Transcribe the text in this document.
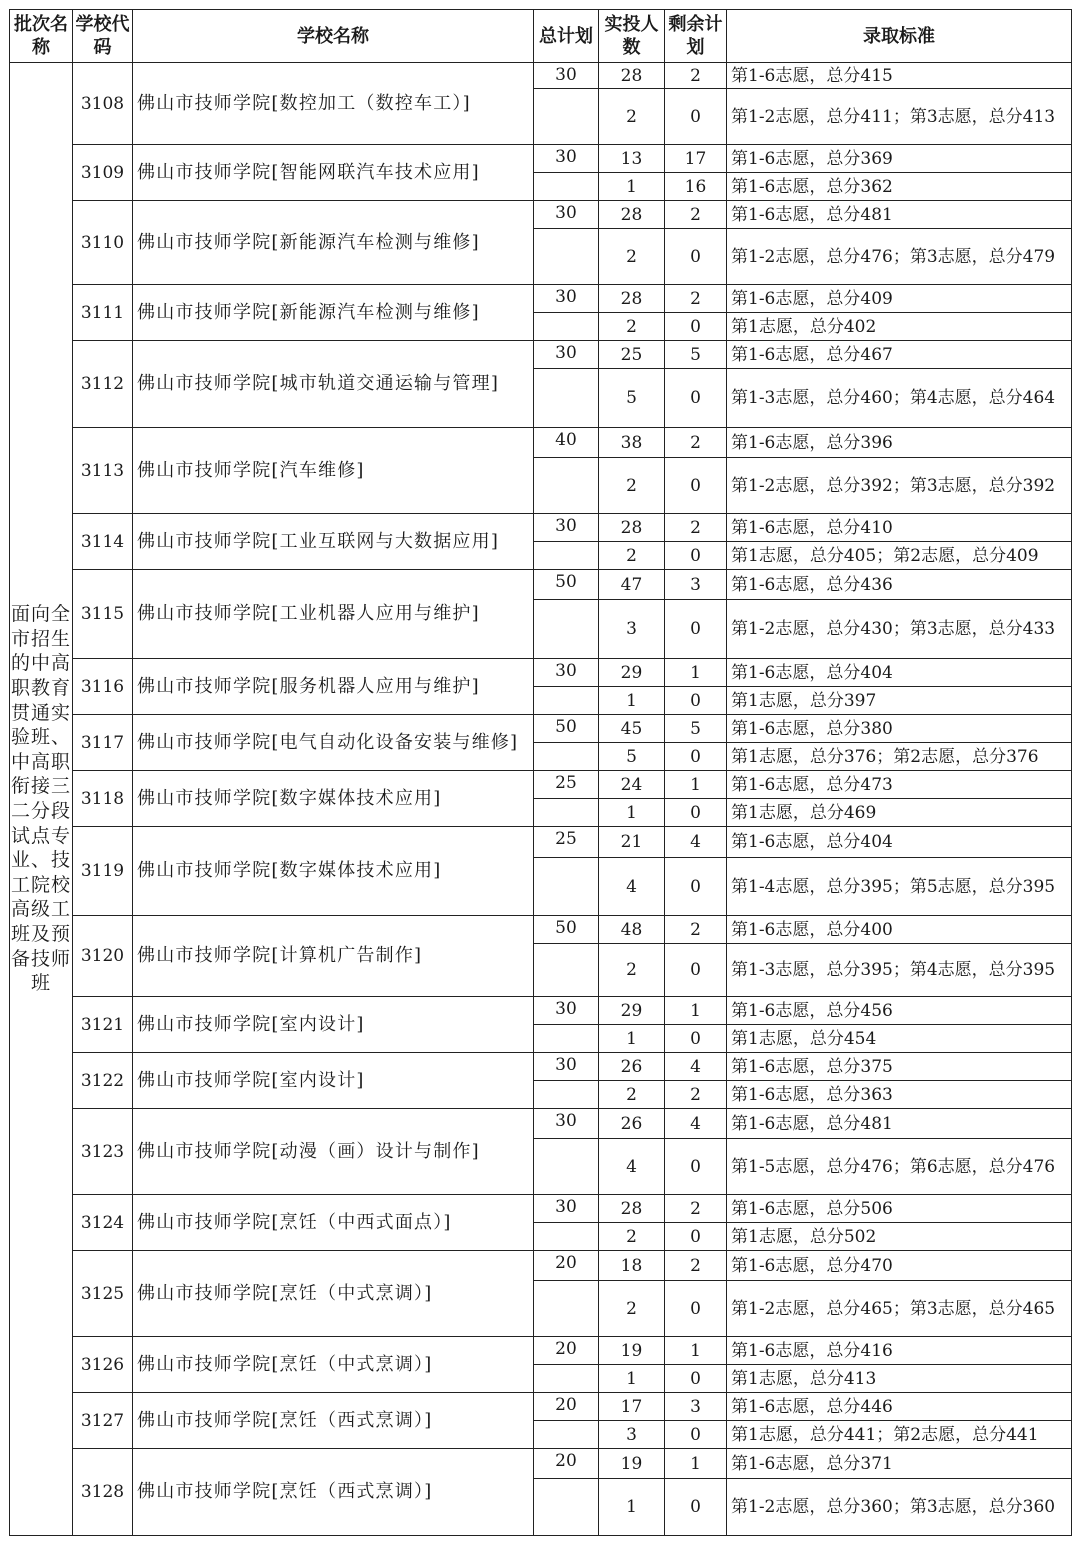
批次名称	学校代码	学校名称	总计划	实投人数	剩余计划	录取标准
面向全市招生的中高职教育贯通实验班、中高职衔接三二分段试点专业、技工院校高级工班及预备技师班	3108	佛山市技师学院[数控加工（数控车工）]	30	28	2	第1-6志愿，总分415
				2	0	第1-2志愿，总分411；第3志愿，总分413
	3109	佛山市技师学院[智能网联汽车技术应用]	30	13	17	第1-6志愿，总分369
				1	16	第1-6志愿，总分362
	3110	佛山市技师学院[新能源汽车检测与维修]	30	28	2	第1-6志愿，总分481
				2	0	第1-2志愿，总分476；第3志愿，总分479
	3111	佛山市技师学院[新能源汽车检测与维修]	30	28	2	第1-6志愿，总分409
				2	0	第1志愿，总分402
	3112	佛山市技师学院[城市轨道交通运输与管理]	30	25	5	第1-6志愿，总分467
				5	0	第1-3志愿，总分460；第4志愿，总分464
	3113	佛山市技师学院[汽车维修]	40	38	2	第1-6志愿，总分396
				2	0	第1-2志愿，总分392；第3志愿，总分392
	3114	佛山市技师学院[工业互联网与大数据应用]	30	28	2	第1-6志愿，总分410
				2	0	第1志愿，总分405；第2志愿，总分409
	3115	佛山市技师学院[工业机器人应用与维护]	50	47	3	第1-6志愿，总分436
				3	0	第1-2志愿，总分430；第3志愿，总分433
	3116	佛山市技师学院[服务机器人应用与维护]	30	29	1	第1-6志愿，总分404
				1	0	第1志愿，总分397
	3117	佛山市技师学院[电气自动化设备安装与维修]	50	45	5	第1-6志愿，总分380
				5	0	第1志愿，总分376；第2志愿，总分376
	3118	佛山市技师学院[数字媒体技术应用]	25	24	1	第1-6志愿，总分473
				1	0	第1志愿，总分469
	3119	佛山市技师学院[数字媒体技术应用]	25	21	4	第1-6志愿，总分404
				4	0	第1-4志愿，总分395；第5志愿，总分395
	3120	佛山市技师学院[计算机广告制作]	50	48	2	第1-6志愿，总分400
				2	0	第1-3志愿，总分395；第4志愿，总分395
	3121	佛山市技师学院[室内设计]	30	29	1	第1-6志愿，总分456
				1	0	第1志愿，总分454
	3122	佛山市技师学院[室内设计]	30	26	4	第1-6志愿，总分375
				2	2	第1-6志愿，总分363
	3123	佛山市技师学院[动漫（画）设计与制作]	30	26	4	第1-6志愿，总分481
				4	0	第1-5志愿，总分476；第6志愿，总分476
	3124	佛山市技师学院[烹饪（中西式面点）]	30	28	2	第1-6志愿，总分506
				2	0	第1志愿，总分502
	3125	佛山市技师学院[烹饪（中式烹调）]	20	18	2	第1-6志愿，总分470
				2	0	第1-2志愿，总分465；第3志愿，总分465
	3126	佛山市技师学院[烹饪（中式烹调）]	20	19	1	第1-6志愿，总分416
				1	0	第1志愿，总分413
	3127	佛山市技师学院[烹饪（西式烹调）]	20	17	3	第1-6志愿，总分446
				3	0	第1志愿，总分441；第2志愿，总分441
	3128	佛山市技师学院[烹饪（西式烹调）]	20	19	1	第1-6志愿，总分371
				1	0	第1-2志愿，总分360；第3志愿，总分360
